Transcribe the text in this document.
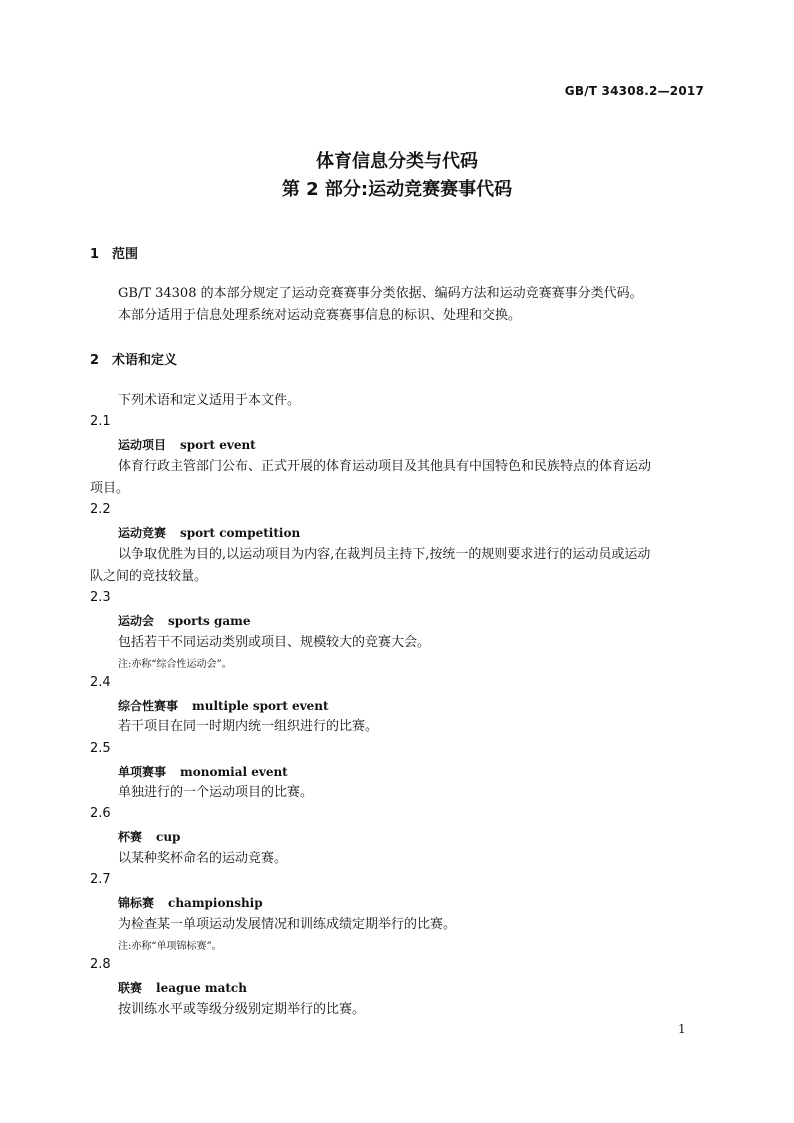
GB/T 34308.2—2017
体育信息分类与代码
第 2 部分:运动竞赛赛事代码
1 范围
GB/T 34308 的本部分规定了运动竞赛赛事分类依据、编码方法和运动竞赛赛事分类代码。
本部分适用于信息处理系统对运动竞赛赛事信息的标识、处理和交换。
2 术语和定义
下列术语和定义适用于本文件。
2.1
运动项目 sport event
体育行政主管部门公布、正式开展的体育运动项目及其他具有中国特色和民族特点的体育运动
项目。
2.2
运动竞赛 sport competition
以争取优胜为目的,以运动项目为内容,在裁判员主持下,按统一的规则要求进行的运动员或运动
队之间的竞技较量。
2.3
运动会 sports game
包括若干不同运动类别或项目、规模较大的竞赛大会。
注:亦称“综合性运动会”。
2.4
综合性赛事 multiple sport event
若干项目在同一时期内统一组织进行的比赛。
2.5
单项赛事 monomial event
单独进行的一个运动项目的比赛。
2.6
杯赛 cup
以某种奖杯命名的运动竞赛。
2.7
锦标赛 championship
为检查某一单项运动发展情况和训练成绩定期举行的比赛。
注:亦称“单项锦标赛”。
2.8
联赛 league match
按训练水平或等级分级别定期举行的比赛。
1
